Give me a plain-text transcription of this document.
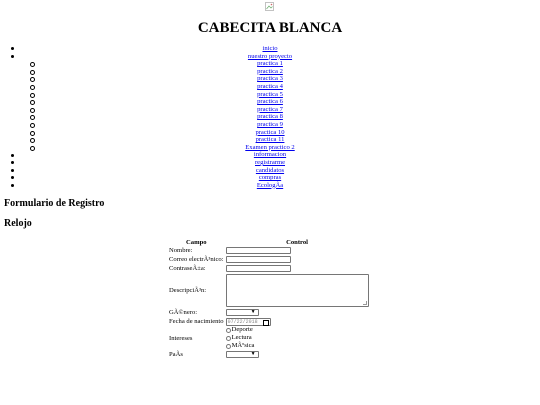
CABECITA BLANCA
inicio
nuestro proyecto
practica 1
practica 2
practica 3
practica 4
practica 5
practica 6
practica 7
practica 8
practica 9
practica 10
practica 11
Examen practico 2
informacion
registrarme
candidatos
compras
EcologÃa
Formulario de Registro
Relojo
Campo	Control
Nombre:	

Correo electrÃ³nico:	

ContraseÃ±a:	

DescripciÃ³n:	

GÃ©nero:	▼

Fecha de nacimiento	07/22/2018

Intereses	Deporte
Lectura
MÃºsica

PaÃs	▼
